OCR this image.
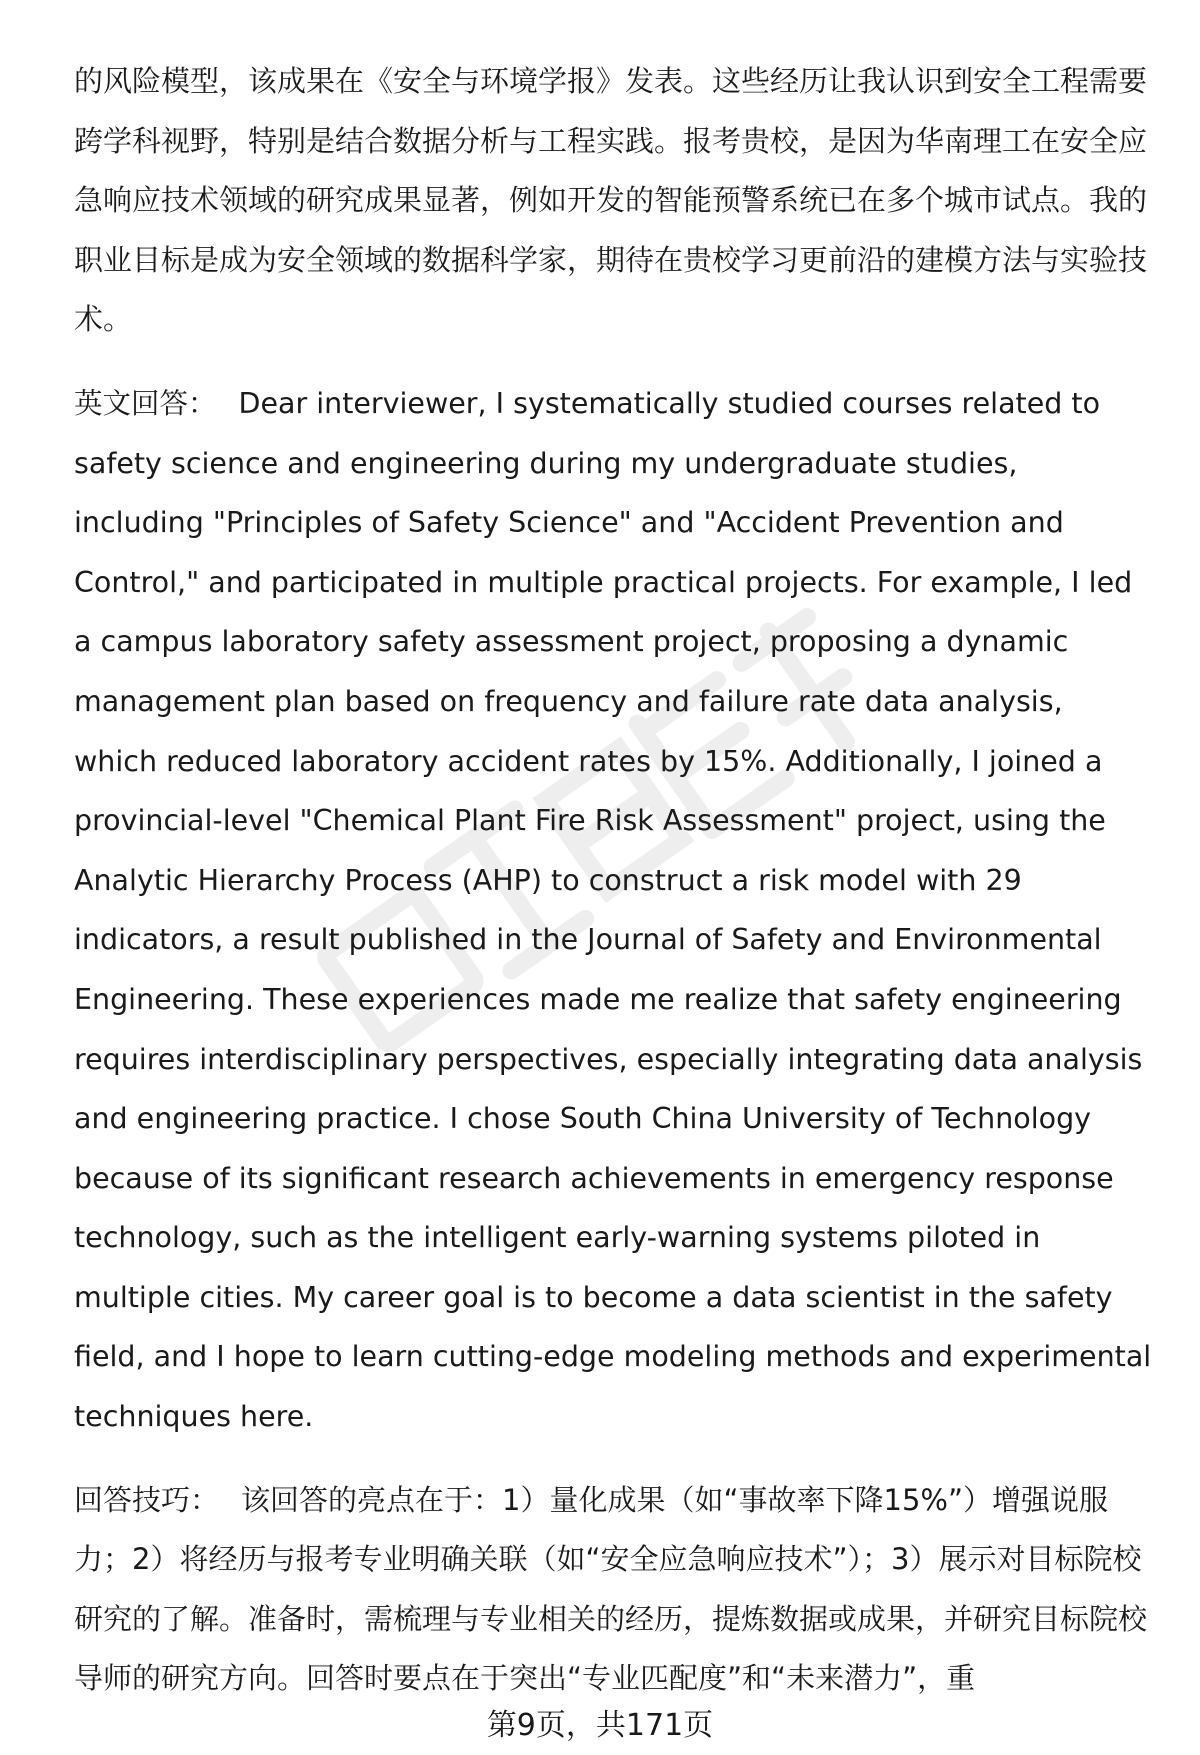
的风险模型，该成果在《安全与环境学报》发表。这些经历让我认识到安全工程需要跨学科视野，特别是结合数据分析与工程实践。报考贵校，是因为华南理工在安全应急响应技术领域的研究成果显著，例如开发的智能预警系统已在多个城市试点。我的职业目标是成为安全领域的数据科学家，期待在贵校学习更前沿的建模方法与实验技术。

英文回答： Dear interviewer, I systematically studied courses related to safety science and engineering during my undergraduate studies, including "Principles of Safety Science" and "Accident Prevention and Control," and participated in multiple practical projects. For example, I led a campus laboratory safety assessment project, proposing a dynamic management plan based on frequency and failure rate data analysis, which reduced laboratory accident rates by 15%. Additionally, I joined a provincial-level "Chemical Plant Fire Risk Assessment" project, using the Analytic Hierarchy Process (AHP) to construct a risk model with 29 indicators, a result published in the Journal of Safety and Environmental Engineering. These experiences made me realize that safety engineering requires interdisciplinary perspectives, especially integrating data analysis and engineering practice. I chose South China University of Technology because of its significant research achievements in emergency response technology, such as the intelligent early-warning systems piloted in multiple cities. My career goal is to become a data scientist in the safety field, and I hope to learn cutting-edge modeling methods and experimental techniques here.

回答技巧： 该回答的亮点在于：1）量化成果（如“事故率下降15%”）增强说服力；2）将经历与报考专业明确关联（如“安全应急响应技术”）；3）展示对目标院校研究的了解。准备时，需梳理与专业相关的经历，提炼数据或成果，并研究目标院校导师的研究方向。回答时要点在于突出“专业匹配度”和“未来潜力”，重

第9页，共171页
